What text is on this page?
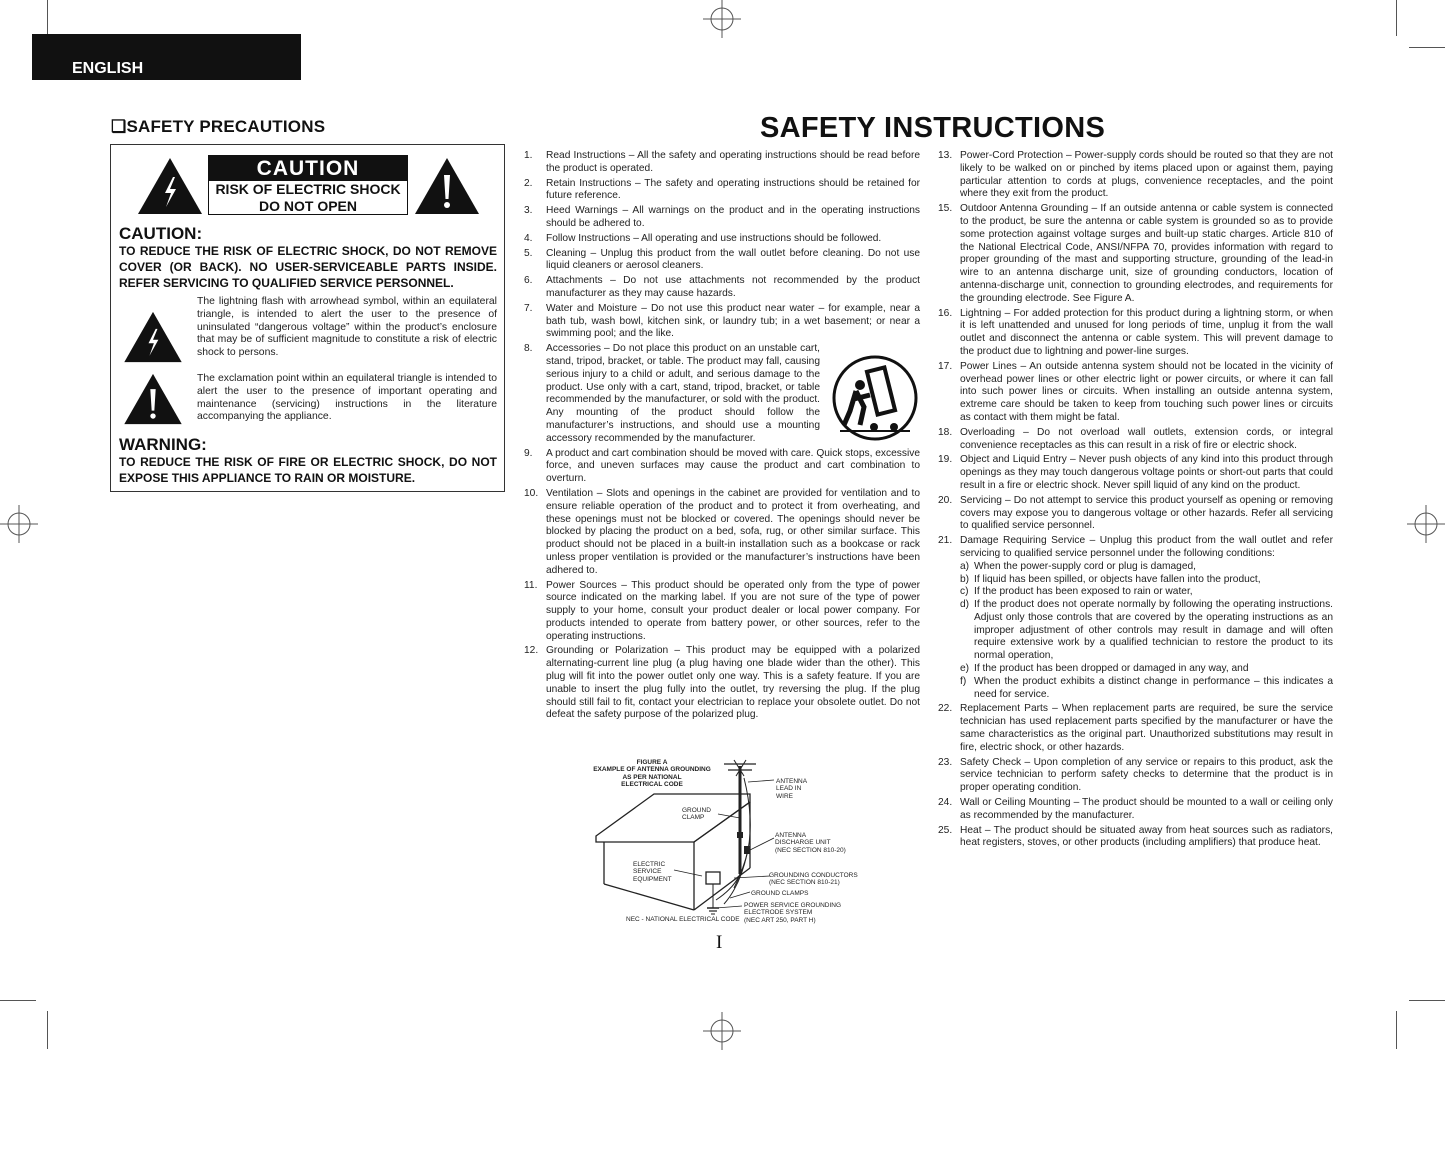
ENGLISH
❑SAFETY PRECAUTIONS
CAUTION
RISK OF ELECTRIC SHOCK
DO NOT OPEN
CAUTION:
TO REDUCE THE RISK OF ELECTRIC SHOCK, DO NOT REMOVE COVER (OR BACK). NO USER-SERVICEABLE PARTS INSIDE. REFER SERVICING TO QUALIFIED SERVICE PERSONNEL.
The lightning flash with arrowhead symbol, within an equilateral triangle, is intended to alert the user to the presence of uninsulated “dangerous voltage” within the product’s enclosure that may be of sufficient magnitude to constitute a risk of electric shock to persons.
The exclamation point within an equilateral triangle is intended to alert the user to the presence of important operating and maintenance (servicing) instructions in the literature accompanying the appliance.
WARNING:
TO REDUCE THE RISK OF FIRE OR ELECTRIC SHOCK, DO NOT EXPOSE THIS APPLIANCE TO RAIN OR MOISTURE.
SAFETY INSTRUCTIONS
1. Read Instructions – All the safety and operating instructions should be read before the product is operated.
2. Retain Instructions – The safety and operating instructions should be retained for future reference.
3. Heed Warnings – All warnings on the product and in the operating instructions should be adhered to.
4. Follow Instructions – All operating and use instructions should be followed.
5. Cleaning – Unplug this product from the wall outlet before cleaning. Do not use liquid cleaners or aerosol cleaners.
6. Attachments – Do not use attachments not recommended by the product manufacturer as they may cause hazards.
7. Water and Moisture – Do not use this product near water – for example, near a bath tub, wash bowl, kitchen sink, or laundry tub; in a wet basement; or near a swimming pool; and the like.
8. Accessories – Do not place this product on an unstable cart, stand, tripod, bracket, or table. The product may fall, causing serious injury to a child or adult, and serious damage to the product. Use only with a cart, stand, tripod, bracket, or table recommended by the manufacturer, or sold with the product. Any mounting of the product should follow the manufacturer’s instructions, and should use a mounting accessory recommended by the manufacturer.
9. A product and cart combination should be moved with care. Quick stops, excessive force, and uneven surfaces may cause the product and cart combination to overturn.
10. Ventilation – Slots and openings in the cabinet are provided for ventilation and to ensure reliable operation of the product and to protect it from overheating, and these openings must not be blocked or covered. The openings should never be blocked by placing the product on a bed, sofa, rug, or other similar surface. This product should not be placed in a built-in installation such as a bookcase or rack unless proper ventilation is provided or the manufacturer’s instructions have been adhered to.
11. Power Sources – This product should be operated only from the type of power source indicated on the marking label. If you are not sure of the type of power supply to your home, consult your product dealer or local power company. For products intended to operate from battery power, or other sources, refer to the operating instructions.
12. Grounding or Polarization – This product may be equipped with a polarized alternating-current line plug (a plug having one blade wider than the other). This plug will fit into the power outlet only one way. This is a safety feature. If you are unable to insert the plug fully into the outlet, try reversing the plug. If the plug should still fail to fit, contact your electrician to replace your obsolete outlet. Do not defeat the safety purpose of the polarized plug.
FIGURE A
EXAMPLE OF ANTENNA GROUNDING
AS PER NATIONAL
ELECTRICAL CODE	ANTENNA
LEAD IN
WIRE
GROUND
CLAMP
ANTENNA
DISCHARGE UNIT
(NEC SECTION 810-20)
ELECTRIC
SERVICE
EQUIPMENT
GROUNDING CONDUCTORS
(NEC SECTION 810-21)
GROUND CLAMPS
POWER SERVICE GROUNDING
ELECTRODE SYSTEM
(NEC ART 250, PART H)
NEC - NATIONAL ELECTRICAL CODE
13. Power-Cord Protection – Power-supply cords should be routed so that they are not likely to be walked on or pinched by items placed upon or against them, paying particular attention to cords at plugs, convenience receptacles, and the point where they exit from the product.
15. Outdoor Antenna Grounding – If an outside antenna or cable system is connected to the product, be sure the antenna or cable system is grounded so as to provide some protection against voltage surges and built-up static charges. Article 810 of the National Electrical Code, ANSI/NFPA 70, provides information with regard to proper grounding of the mast and supporting structure, grounding of the lead-in wire to an antenna discharge unit, size of grounding conductors, location of antenna-discharge unit, connection to grounding electrodes, and requirements for the grounding electrode. See Figure A.
16. Lightning – For added protection for this product during a lightning storm, or when it is left unattended and unused for long periods of time, unplug it from the wall outlet and disconnect the antenna or cable system. This will prevent damage to the product due to lightning and power-line surges.
17. Power Lines – An outside antenna system should not be located in the vicinity of overhead power lines or other electric light or power circuits, or where it can fall into such power lines or circuits. When installing an outside antenna system, extreme care should be taken to keep from touching such power lines or circuits as contact with them might be fatal.
18. Overloading – Do not overload wall outlets, extension cords, or integral convenience receptacles as this can result in a risk of fire or electric shock.
19. Object and Liquid Entry – Never push objects of any kind into this product through openings as they may touch dangerous voltage points or short-out parts that could result in a fire or electric shock. Never spill liquid of any kind on the product.
20. Servicing – Do not attempt to service this product yourself as opening or removing covers may expose you to dangerous voltage or other hazards. Refer all servicing to qualified service personnel.
21. Damage Requiring Service – Unplug this product from the wall outlet and refer servicing to qualified service personnel under the following conditions:
a) When the power-supply cord or plug is damaged,
b) If liquid has been spilled, or objects have fallen into the product,
c) If the product has been exposed to rain or water,
d) If the product does not operate normally by following the operating instructions. Adjust only those controls that are covered by the operating instructions as an improper adjustment of other controls may result in damage and will often require extensive work by a qualified technician to restore the product to its normal operation,
e) If the product has been dropped or damaged in any way, and
f) When the product exhibits a distinct change in performance – this indicates a need for service.
22. Replacement Parts – When replacement parts are required, be sure the service technician has used replacement parts specified by the manufacturer or have the same characteristics as the original part. Unauthorized substitutions may result in fire, electric shock, or other hazards.
23. Safety Check – Upon completion of any service or repairs to this product, ask the service technician to perform safety checks to determine that the product is in proper operating condition.
24. Wall or Ceiling Mounting – The product should be mounted to a wall or ceiling only as recommended by the manufacturer.
25. Heat – The product should be situated away from heat sources such as radiators, heat registers, stoves, or other products (including amplifiers) that produce heat.
I
